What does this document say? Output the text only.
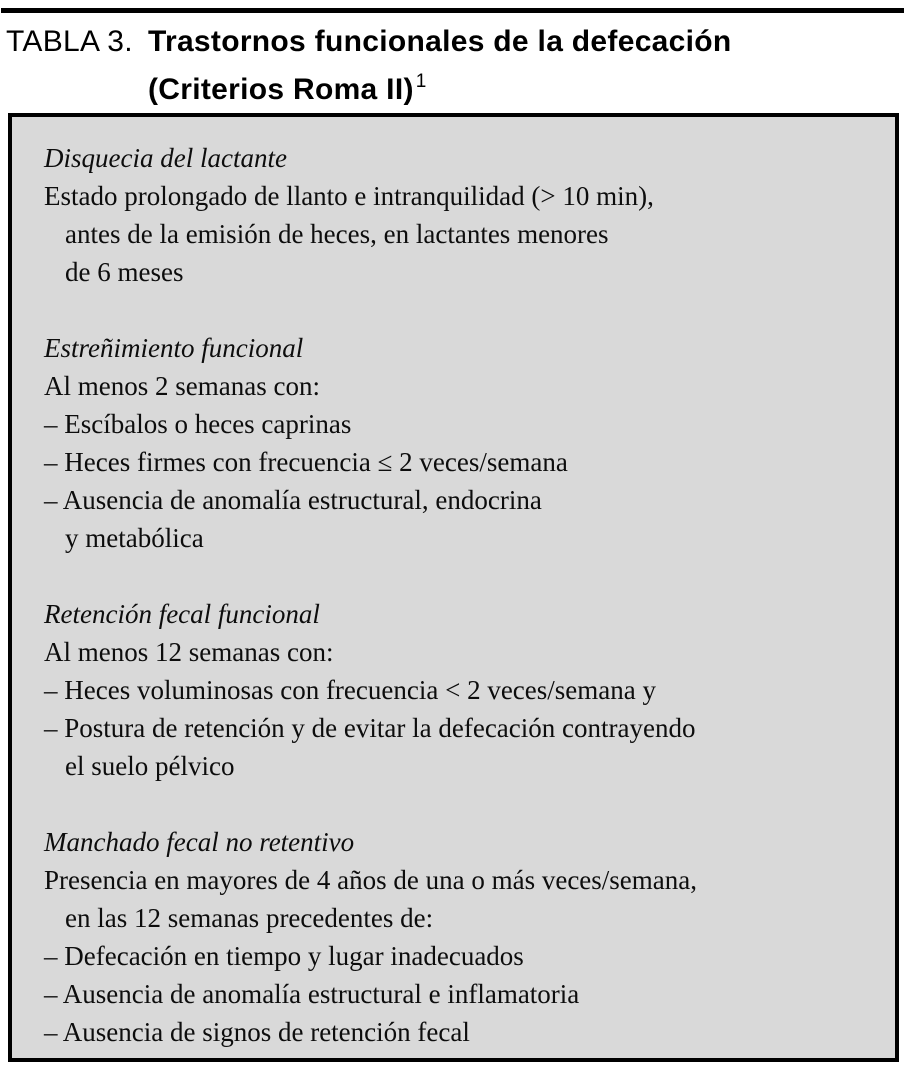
TABLA 3. Trastornos funcionales de la defecación
(Criterios Roma II) $^1$
Disquecia del lactante
Estado prolongado de llanto e intranquilidad (> 10 min),
antes de la emisión de heces, en lactantes menores
de 6 meses
Estreñimiento funcional
Al menos 2 semanas con:
– Escíbalos o heces caprinas
– Heces firmes con frecuencia ≤ 2 veces/semana
– Ausencia de anomalía estructural, endocrina
y metabólica
Retención fecal funcional
Al menos 12 semanas con:
– Heces voluminosas con frecuencia < 2 veces/semana y
– Postura de retención y de evitar la defecación contrayendo
el suelo pélvico
Manchado fecal no retentivo
Presencia en mayores de 4 años de una o más veces/semana,
en las 12 semanas precedentes de:
– Defecación en tiempo y lugar inadecuados
– Ausencia de anomalía estructural e inflamatoria
– Ausencia de signos de retención fecal
